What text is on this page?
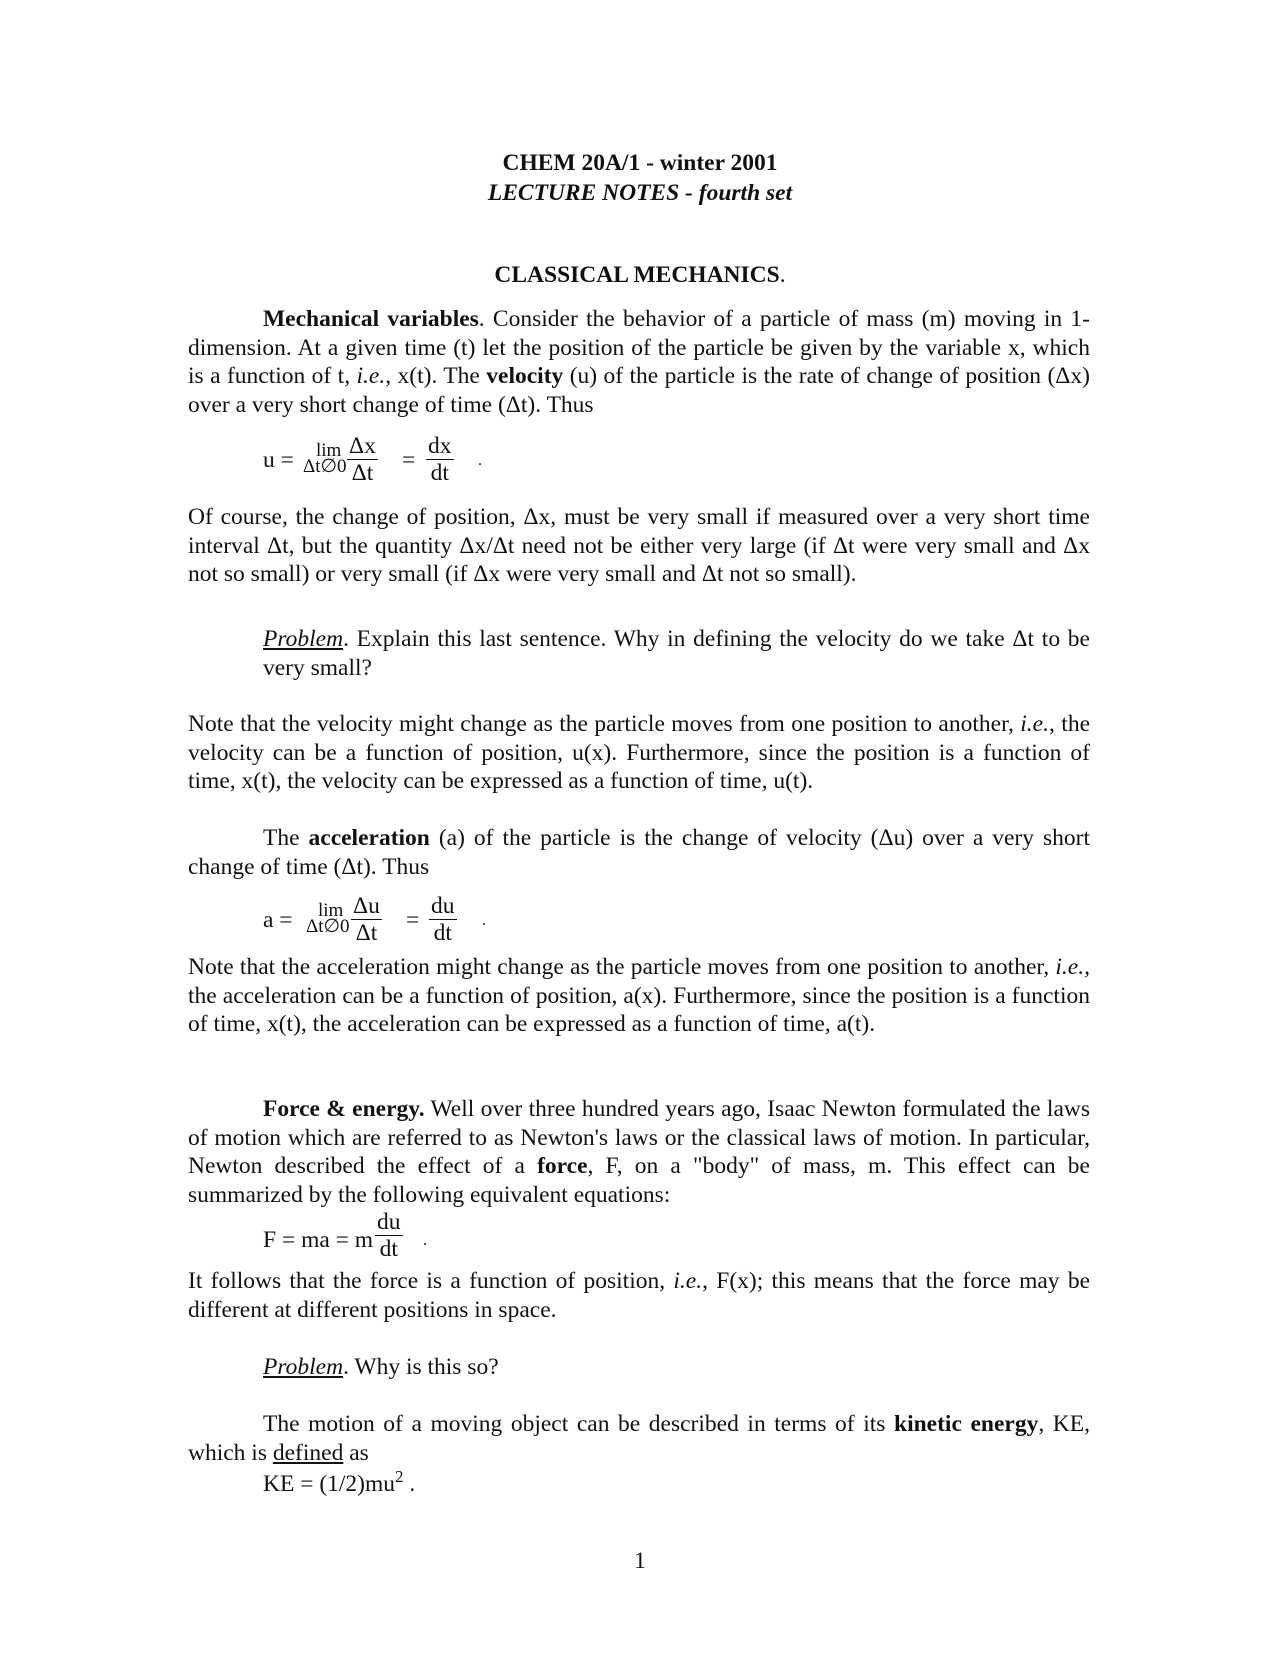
CHEM 20A/1 - winter 2001
LECTURE NOTES - fourth set
CLASSICAL MECHANICS.
Mechanical variables. Consider the behavior of a particle of mass (m) moving in 1-dimension. At a given time (t) let the position of the particle be given by the variable x, which is a function of t, i.e., x(t). The velocity (u) of the particle is the rate of change of position (Δx) over a very short change of time (Δt). Thus
u = lim
Δt∅0 $\frac{\Delta x}{\Delta t} = \frac{dx}{dt}$ .
Of course, the change of position, Δx, must be very small if measured over a very short time interval Δt, but the quantity Δx/Δt need not be either very large (if Δt were very small and Δx not so small) or very small (if Δx were very small and Δt not so small).
Problem. Explain this last sentence. Why in defining the velocity do we take Δt to be very small?
Note that the velocity might change as the particle moves from one position to another, i.e., the velocity can be a function of position, u(x). Furthermore, since the position is a function of time, x(t), the velocity can be expressed as a function of time, u(t).
The acceleration (a) of the particle is the change of velocity (Δu) over a very short change of time (Δt). Thus
a = lim
Δt∅0 $\frac{\Delta u}{\Delta t} = \frac{du}{dt}$ .
Note that the acceleration might change as the particle moves from one position to another, i.e., the acceleration can be a function of position, a(x). Furthermore, since the position is a function of time, x(t), the acceleration can be expressed as a function of time, a(t).
Force & energy. Well over three hundred years ago, Isaac Newton formulated the laws of motion which are referred to as Newton's laws or the classical laws of motion. In particular, Newton described the effect of a force, F, on a "body" of mass, m. This effect can be summarized by the following equivalent equations:
F = ma = m $\frac{du}{dt}$ .
It follows that the force is a function of position, i.e., F(x); this means that the force may be different at different positions in space.
Problem. Why is this so?
The motion of a moving object can be described in terms of its kinetic energy, KE, which is defined as
KE = $(1/2)mu^2$ .
1
